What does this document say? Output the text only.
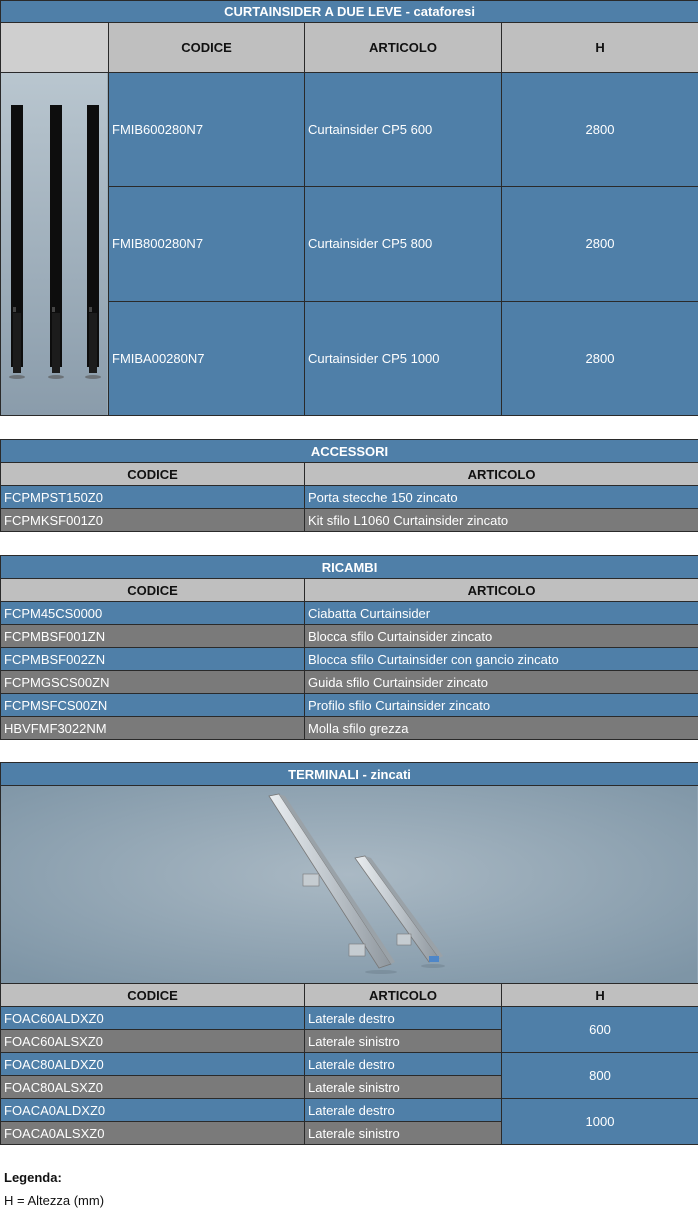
CURTAINSIDER A DUE LEVE - cataforesi			
	CODICE	ARTICOLO	H

	FMIB600280N7	Curtainsider CP5 600	2800
	FMIB800280N7	Curtainsider CP5 800	2800
	FMIBA00280N7	Curtainsider CP5 1000	2800
ACCESSORI	
CODICE	ARTICOLO
FCPMPST150Z0	Porta stecche 150 zincato
FCPMKSF001Z0	Kit sfilo L1060 Curtainsider zincato
RICAMBI	
CODICE	ARTICOLO
FCPM45CS0000	Ciabatta Curtainsider
FCPMBSF001ZN	Blocca sfilo Curtainsider zincato
FCPMBSF002ZN	Blocca sfilo Curtainsider con gancio zincato
FCPMGSCS00ZN	Guida sfilo Curtainsider zincato
FCPMSFCS00ZN	Profilo sfilo Curtainsider zincato
HBVFMF3022NM	Molla sfilo grezza
TERMINALI - zincati		

CODICE	ARTICOLO	H
FOAC60ALDXZ0	Laterale destro	600
FOAC60ALSXZ0	Laterale sinistro	
FOAC80ALDXZ0	Laterale destro	800
FOAC80ALSXZ0	Laterale sinistro	
FOACA0ALDXZ0	Laterale destro	1000
FOACA0ALSXZ0	Laterale sinistro	
Legenda:
H = Altezza (mm)
